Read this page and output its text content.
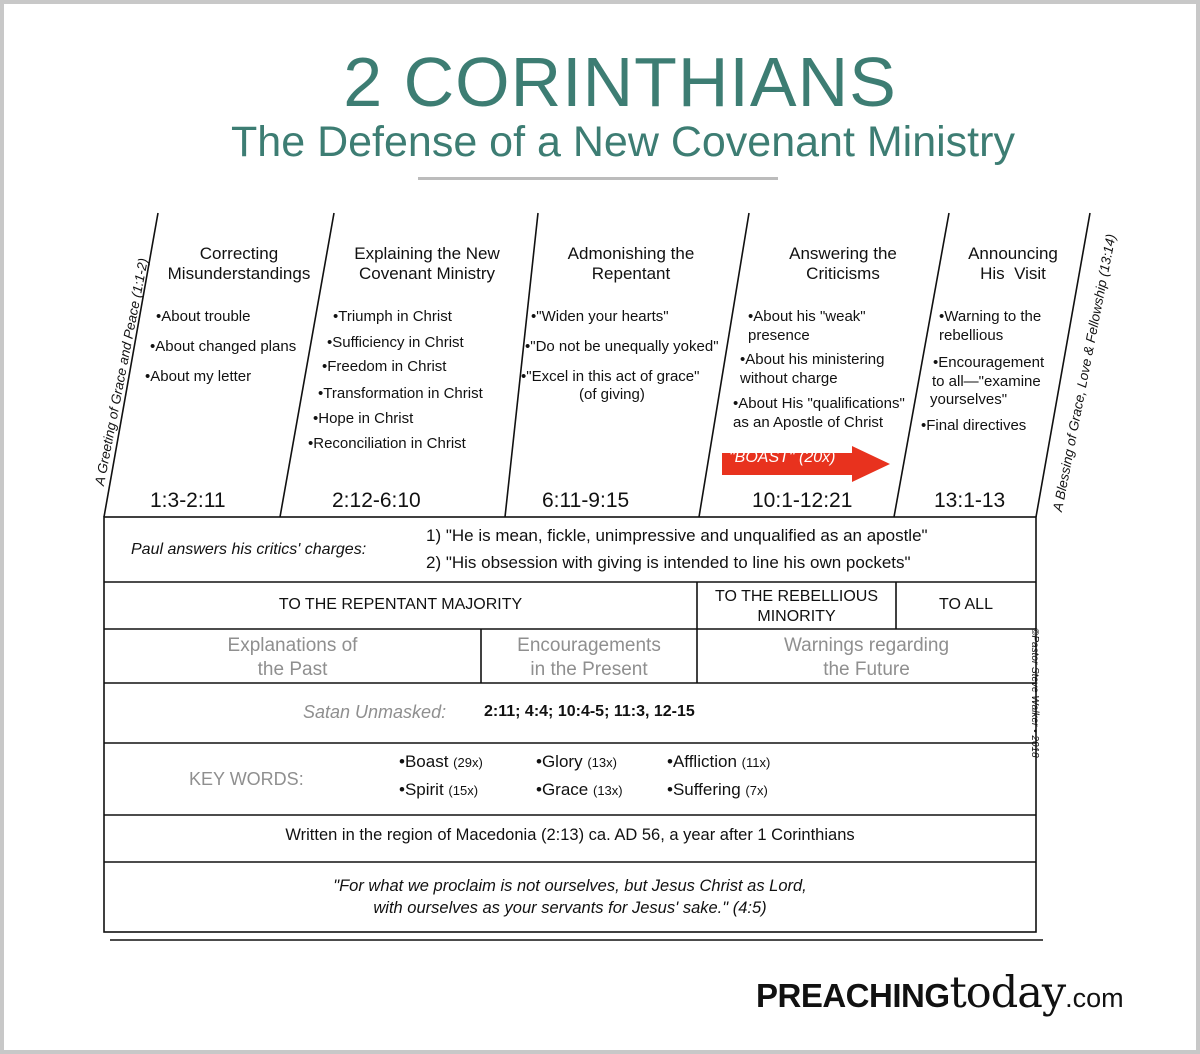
2 CORINTHIANS
The Defense of a New Covenant Ministry
A Greeting of Grace and Peace (1:1-2)	A Blessing of Grace, Love & Fellowship (13:14)
Correcting
Misunderstandings
•About trouble
•About changed plans
•About my letter
1:3-2:11
Explaining the New
Covenant Ministry
•Triumph in Christ
•Sufficiency in Christ
•Freedom in Christ
•Transformation in Christ
•Hope in Christ
•Reconciliation in Christ
2:12-6:10
Admonishing the
Repentant
•"Widen your hearts"
•"Do not be unequally yoked"
•"Excel in this act of grace"
(of giving)
6:11-9:15
Answering the
Criticisms
•About his "weak"
presence
•About his ministering
without charge
•About His "qualifications"
as an Apostle of Christ
10:1-12:21
"BOAST" (20x)
Announcing
His  Visit
•Warning to the
rebellious
•Encouragement
to all—"examine
yourselves"
•Final directives
13:1-13
Paul answers his critics' charges:
1) "He is mean, fickle, unimpressive and unqualified as an apostle"
2) "His obsession with giving is intended to line his own pockets"
TO THE REPENTANT MAJORITY	TO THE REBELLIOUS
MINORITY
TO ALL
Explanations of
the Past
Encouragements
in the Present
Warnings regarding
the Future
Satan Unmasked: 2:11; 4:4; 10:4-5; 11:3, 12-15
KEY WORDS:
•Boast (29x)
•Spirit (15x)
•Glory (13x)
•Grace (13x)
•Affliction (11x)
•Suffering (7x)
Written in the region of Macedonia (2:13) ca. AD 56, a year after 1 Corinthians
"For what we proclaim is not ourselves, but Jesus Christ as Lord,
with ourselves as your servants for Jesus' sake." (4:5)
©Pastor Steve Walker • 2018
PREACHINGtoday.com
